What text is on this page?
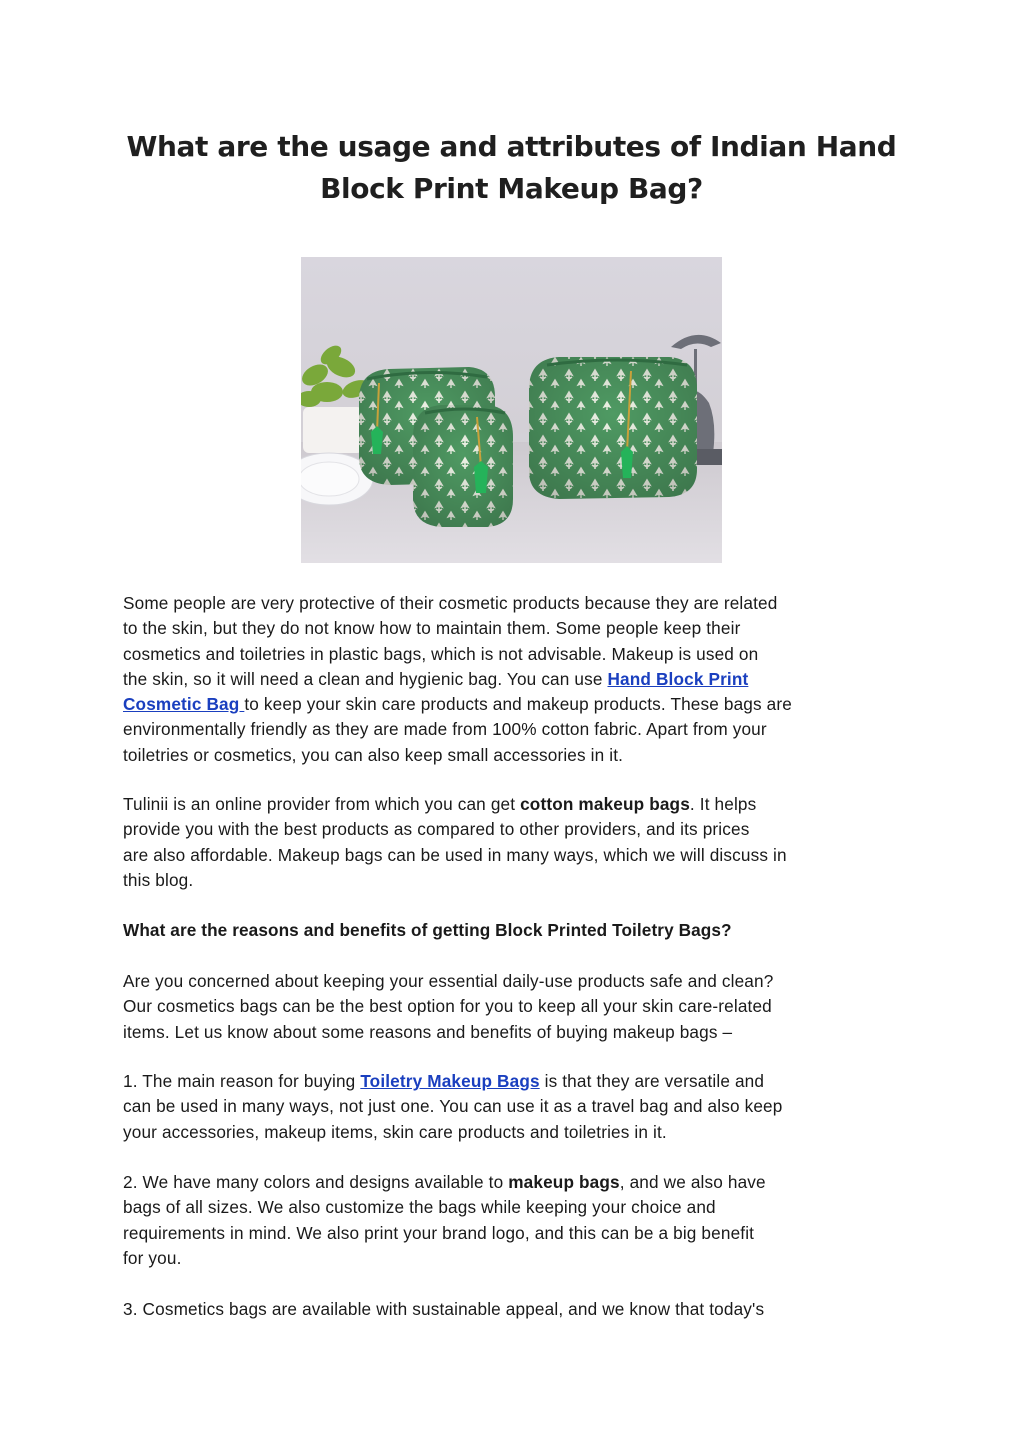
What are the usage and attributes of Indian Hand Block Print Makeup Bag?

Some people are very protective of their cosmetic products because they are related
to the skin, but they do not know how to maintain them. Some people keep their
cosmetics and toiletries in plastic bags, which is not advisable. Makeup is used on
the skin, so it will need a clean and hygienic bag. You can use Hand Block Print
Cosmetic Bag to keep your skin care products and makeup products. These bags are
environmentally friendly as they are made from 100% cotton fabric. Apart from your
toiletries or cosmetics, you can also keep small accessories in it.

Tulinii is an online provider from which you can get cotton makeup bags. It helps
provide you with the best products as compared to other providers, and its prices
are also affordable. Makeup bags can be used in many ways, which we will discuss in
this blog.

What are the reasons and benefits of getting Block Printed Toiletry Bags?

Are you concerned about keeping your essential daily-use products safe and clean?
Our cosmetics bags can be the best option for you to keep all your skin care-related
items. Let us know about some reasons and benefits of buying makeup bags –

1. The main reason for buying Toiletry Makeup Bags is that they are versatile and
can be used in many ways, not just one. You can use it as a travel bag and also keep
your accessories, makeup items, skin care products and toiletries in it.

2. We have many colors and designs available to makeup bags, and we also have
bags of all sizes. We also customize the bags while keeping your choice and
requirements in mind. We also print your brand logo, and this can be a big benefit
for you.

3. Cosmetics bags are available with sustainable appeal, and we know that today's
